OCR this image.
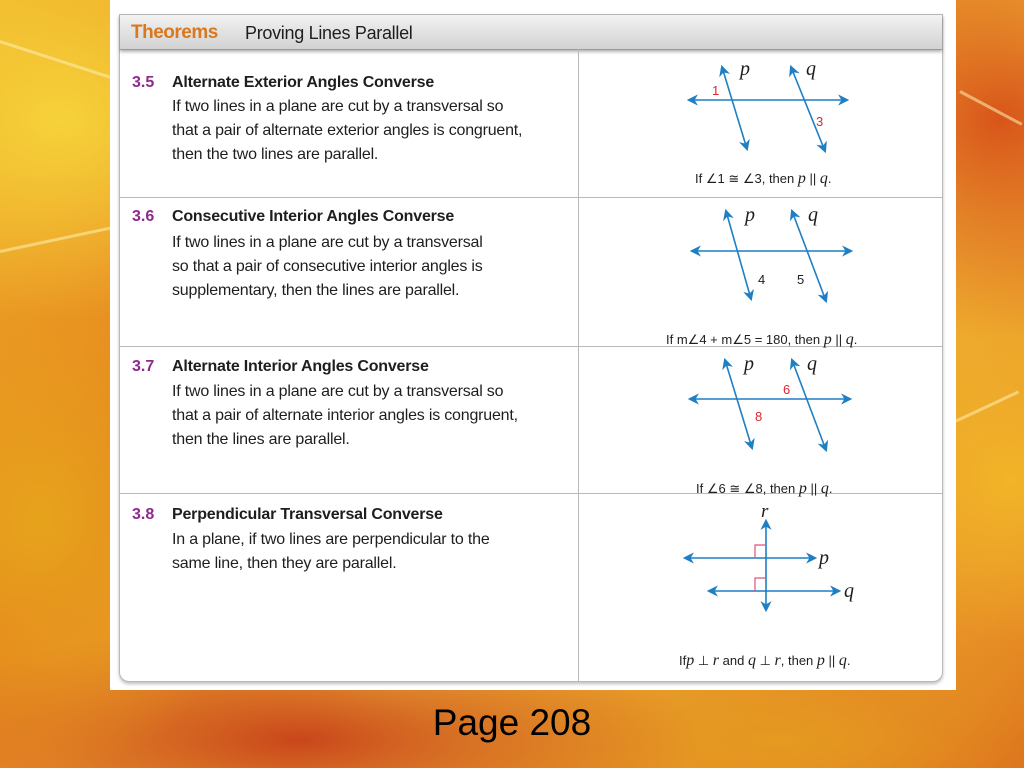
Theorems Proving Lines Parallel
3.5 Alternate Exterior Angles Converse
If two lines in a plane are cut by a transversal so
that a pair of alternate exterior angles is congruent,
then the two lines are parallel.
p	q
1
3
If ∠1 ≅ ∠3, then p || q.
3.6 Consecutive Interior Angles Converse
If two lines in a plane are cut by a transversal
so that a pair of consecutive interior angles is
supplementary, then the lines are parallel.
p	q
4 5
If m∠4 + m∠5 = 180, then p || q.
3.7 Alternate Interior Angles Converse
If two lines in a plane are cut by a transversal so
that a pair of alternate interior angles is congruent,
then the lines are parallel.
p	q
6
8
If ∠6 ≅ ∠8, then p || q.
3.8 Perpendicular Transversal Converse
In a plane, if two lines are perpendicular to the
same line, then they are parallel.
r
p
q
Ifp ⊥ r and q ⊥ r, then p || q.
Page 208
